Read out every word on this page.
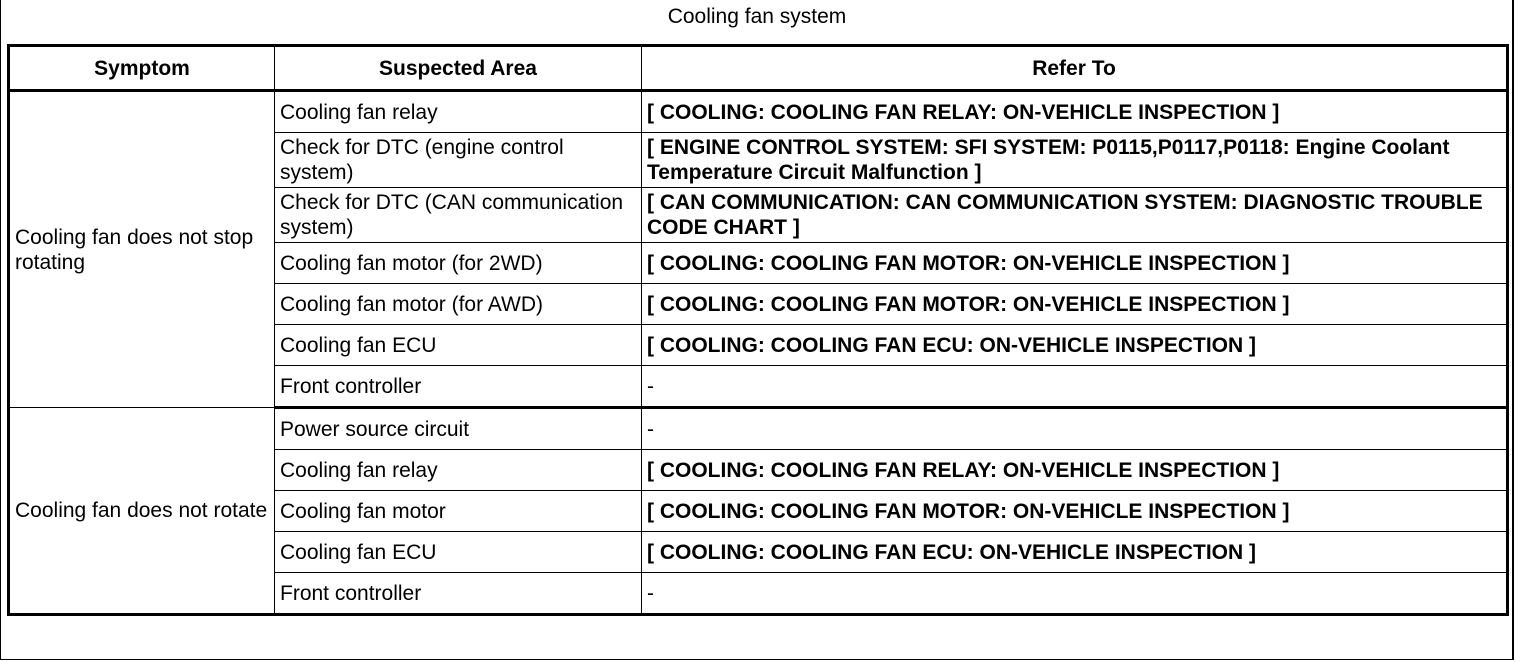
Cooling fan system
Symptom	Suspected Area	Refer To
Cooling fan does not stop rotating	Cooling fan relay	[ COOLING: COOLING FAN RELAY: ON-VEHICLE INSPECTION ]
	Check for DTC (engine control system)	[ ENGINE CONTROL SYSTEM: SFI SYSTEM: P0115,P0117,P0118: Engine Coolant Temperature Circuit Malfunction ]
	Check for DTC (CAN communication system)	[ CAN COMMUNICATION: CAN COMMUNICATION SYSTEM: DIAGNOSTIC TROUBLE CODE CHART ]
	Cooling fan motor (for 2WD)	[ COOLING: COOLING FAN MOTOR: ON-VEHICLE INSPECTION ]
	Cooling fan motor (for AWD)	[ COOLING: COOLING FAN MOTOR: ON-VEHICLE INSPECTION ]
	Cooling fan ECU	[ COOLING: COOLING FAN ECU: ON-VEHICLE INSPECTION ]
	Front controller	-
Cooling fan does not rotate	Power source circuit	-
	Cooling fan relay	[ COOLING: COOLING FAN RELAY: ON-VEHICLE INSPECTION ]
	Cooling fan motor	[ COOLING: COOLING FAN MOTOR: ON-VEHICLE INSPECTION ]
	Cooling fan ECU	[ COOLING: COOLING FAN ECU: ON-VEHICLE INSPECTION ]
	Front controller	-
